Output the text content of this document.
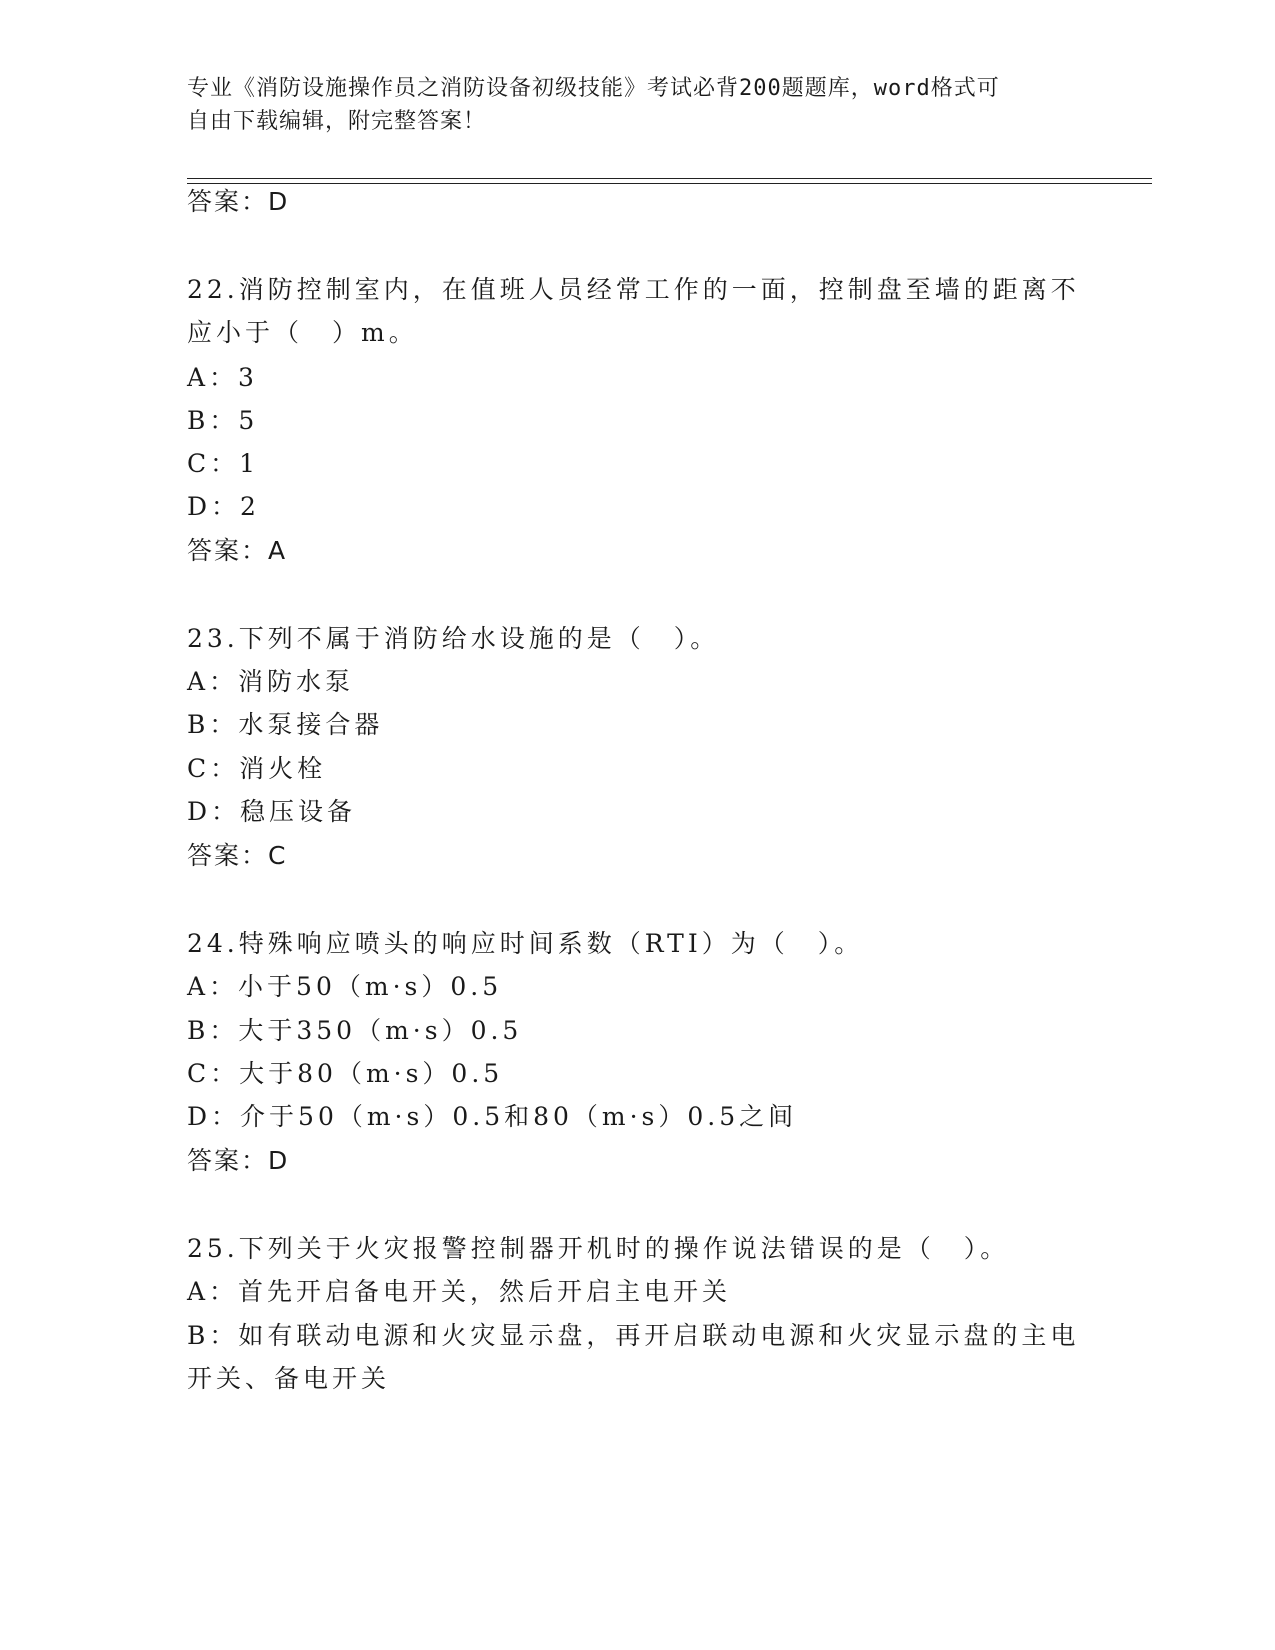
专业《消防设施操作员之消防设备初级技能》考试必背200题题库，word格式可
自由下载编辑，附完整答案！
答案：D
22.消防控制室内，在值班人员经常工作的一面，控制盘至墙的距离不
应小于（　）m。
A：3
B：5
C：1
D：2
答案：A
23.下列不属于消防给水设施的是（　）。
A：消防水泵
B：水泵接合器
C：消火栓
D：稳压设备
答案：C
24.特殊响应喷头的响应时间系数（RTI）为（　）。
A：小于50（m·s）0.5
B：大于350（m·s）0.5
C：大于80（m·s）0.5
D：介于50（m·s）0.5和80（m·s）0.5之间
答案：D
25.下列关于火灾报警控制器开机时的操作说法错误的是（　）。
A：首先开启备电开关，然后开启主电开关
B：如有联动电源和火灾显示盘，再开启联动电源和火灾显示盘的主电
开关、备电开关
